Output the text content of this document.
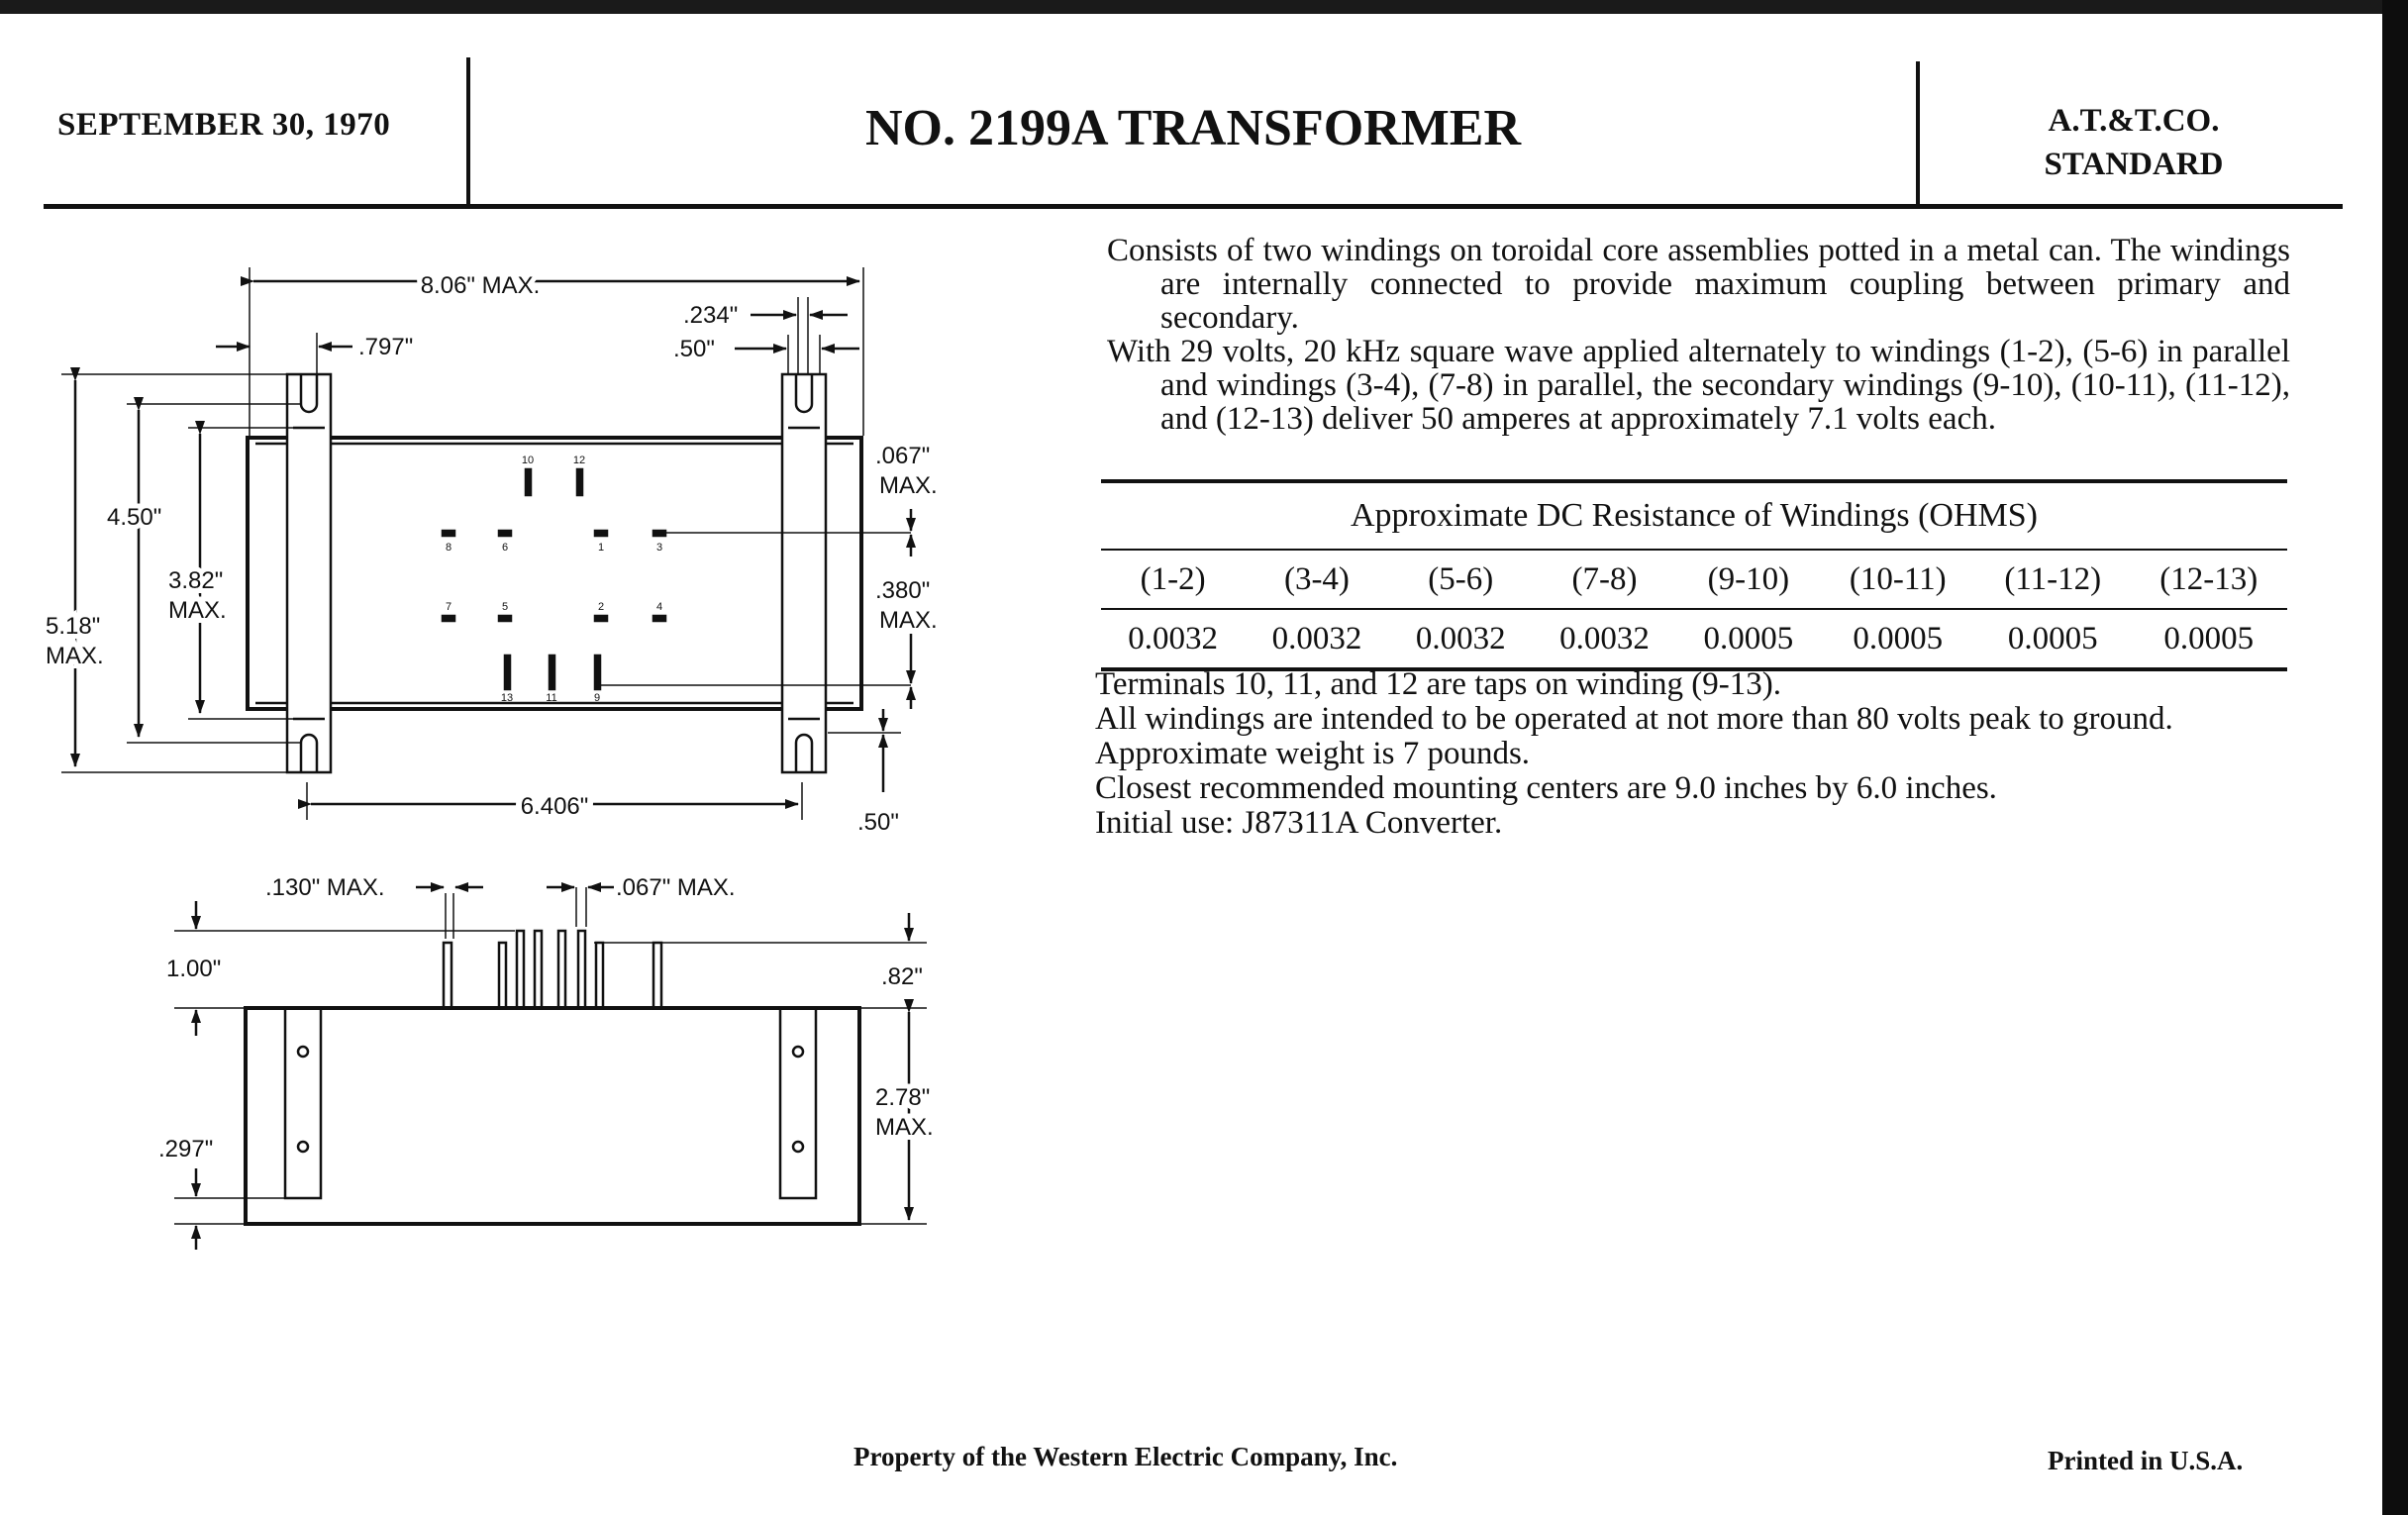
SEPTEMBER 30, 1970	NO. 2199A TRANSFORMER	A.T.&T.CO.
STANDARD

Consists of two windings on toroidal core assemblies potted in a metal can. The windings are internally connected to provide maximum coupling between primary and secondary.

With 29 volts, 20 kHz square wave applied alternately to windings (1-2), (5-6) in parallel and windings (3-4), (7-8) in parallel, the secondary windings (9-10), (10-11), (11-12), and (12-13) deliver 50 amperes at approximately 7.1 volts each.

Approximate DC Resistance of Windings (OHMS)							
(1-2)	(3-4)	(5-6)	(7-8)	(9-10)	(10-11)	(11-12)	(12-13)
0.0032	0.0032	0.0032	0.0032	0.0005	0.0005	0.0005	0.0005

Terminals 10, 11, and 12 are taps on winding (9-13).

All windings are intended to be operated at not more than 80 volts peak to ground.

Approximate weight is 7 pounds.

Closest recommended mounting centers are 9.0 inches by 6.0 inches.

Initial use: J87311A Converter.

8.06" MAX.
.797"
.234"
.50"
4.50"
3.82"
MAX.
5.18"
MAX.
6.406"
.067"
MAX.
.380"
MAX.
.50"
10	12
8	6	1	3
7	5	2	4
13	11	9
.130" MAX.	.067" MAX.
1.00"	.82"
2.78"
MAX.
.297"
Property of the Western Electric Company, Inc.	Printed in U.S.A.
